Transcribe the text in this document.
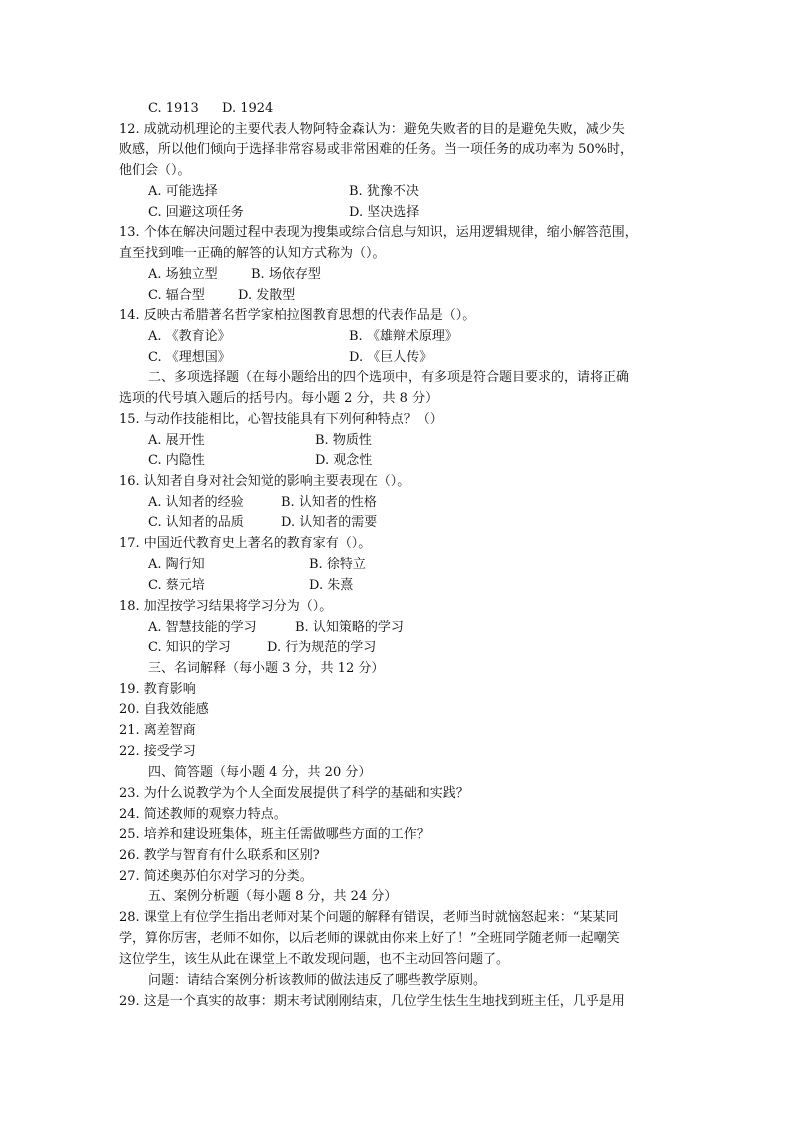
C. 1913 D. 1924
12. 成就动机理论的主要代表人物阿特金森认为：避免失败者的目的是避免失败，减少失
败感，所以他们倾向于选择非常容易或非常困难的任务。当一项任务的成功率为 50%时，
他们会（）。
A. 可能选择	B. 犹豫不决
C. 回避这项任务	D. 坚决选择
13. 个体在解决问题过程中表现为搜集或综合信息与知识，运用逻辑规律，缩小解答范围，
直至找到唯一正确的解答的认知方式称为（）。
A. 场独立型	B. 场依存型
C. 辐合型	D. 发散型
14. 反映古希腊著名哲学家柏拉图教育思想的代表作品是（）。
A. 《教育论》	B. 《雄辩术原理》
C. 《理想国》	D. 《巨人传》
二、多项选择题（在每小题给出的四个选项中，有多项是符合题目要求的，请将正确
选项的代号填入题后的括号内。每小题 2 分，共 8 分）
15. 与动作技能相比，心智技能具有下列何种特点？（）
A. 展开性	B. 物质性
C. 内隐性	D. 观念性
16. 认知者自身对社会知觉的影响主要表现在（）。
A. 认知者的经验	B. 认知者的性格
C. 认知者的品质	D. 认知者的需要
17. 中国近代教育史上著名的教育家有（）。
A. 陶行知	B. 徐特立
C. 蔡元培	D. 朱熹
18. 加涅按学习结果将学习分为（）。
A. 智慧技能的学习	B. 认知策略的学习
C. 知识的学习	D. 行为规范的学习
三、名词解释（每小题 3 分，共 12 分）
19. 教育影响
20. 自我效能感
21. 离差智商
22. 接受学习
四、简答题（每小题 4 分，共 20 分）
23. 为什么说教学为个人全面发展提供了科学的基础和实践？
24. 简述教师的观察力特点。
25. 培养和建设班集体，班主任需做哪些方面的工作？
26. 教学与智育有什么联系和区别?
27. 简述奥苏伯尔对学习的分类。
五、案例分析题（每小题 8 分，共 24 分）
28. 课堂上有位学生指出老师对某个问题的解释有错误，老师当时就恼怒起来：“某某同
学，算你厉害，老师不如你，以后老师的课就由你来上好了！”全班同学随老师一起嘲笑
这位学生，该生从此在课堂上不敢发现问题，也不主动回答问题了。
问题：请结合案例分析该教师的做法违反了哪些教学原则。
29. 这是一个真实的故事：期末考试刚刚结束，几位学生怯生生地找到班主任，几乎是用
